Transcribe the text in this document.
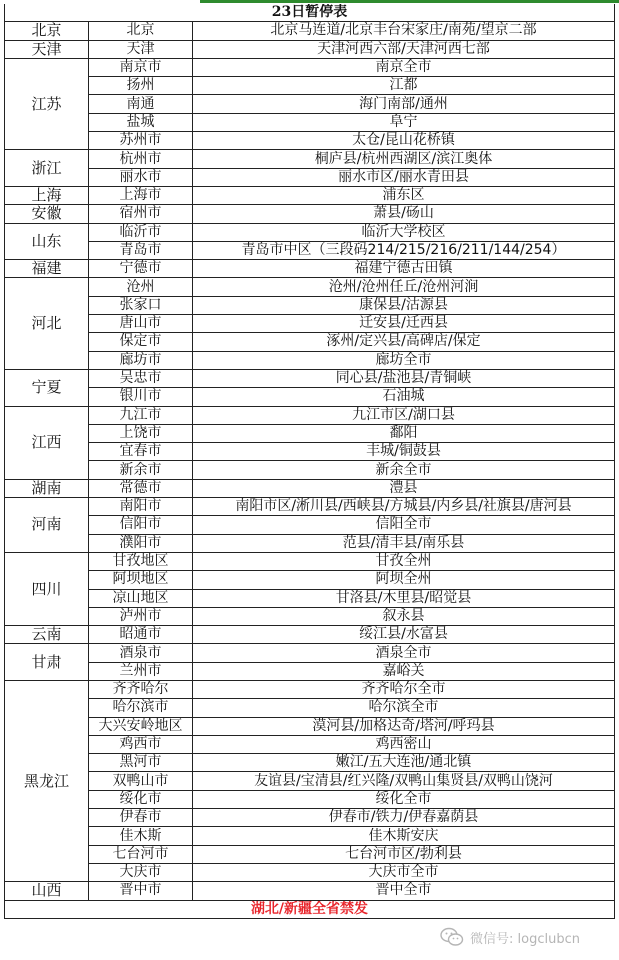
23日暂停表		
北京	北京	北京马连道/北京丰台宋家庄/南苑/望京二部
天津	天津	天津河西六部/天津河西七部
江苏	南京市	南京全市
	扬州	江都
	南通	海门南部/通州
	盐城	阜宁
	苏州市	太仓/昆山花桥镇
浙江	杭州市	桐庐县/杭州西湖区/滨江奥体
	丽水市	丽水市区/丽水青田县
上海	上海市	浦东区
安徽	宿州市	萧县/砀山
山东	临沂市	临沂大学校区
	青岛市	青岛市中区（三段码214/215/216/211/144/254）
福建	宁德市	福建宁德古田镇
河北	沧州	沧州/沧州任丘/沧州河涧
	张家口	康保县/沽源县
	唐山市	迁安县/迁西县
	保定市	涿州/定兴县/高碑店/保定
	廊坊市	廊坊全市
宁夏	吴忠市	同心县/盐池县/青铜峡
	银川市	石油城
江西	九江市	九江市区/湖口县
	上饶市	鄱阳
	宜春市	丰城/铜鼓县
	新余市	新余全市
湖南	常德市	澧县
河南	南阳市	南阳市区/淅川县/西峡县/方城县/内乡县/社旗县/唐河县
	信阳市	信阳全市
	濮阳市	范县/清丰县/南乐县
四川	甘孜地区	甘孜全州
	阿坝地区	阿坝全州
	凉山地区	甘洛县/木里县/昭觉县
	泸州市	叙永县
云南	昭通市	绥江县/水富县
甘肃	酒泉市	酒泉全市
	兰州市	嘉峪关
黑龙江	齐齐哈尔	齐齐哈尔全市
	哈尔滨市	哈尔滨全市
	大兴安岭地区	漠河县/加格达奇/塔河/呼玛县
	鸡西市	鸡西密山
	黑河市	嫩江/五大连池/通北镇
	双鸭山市	友谊县/宝清县/红兴隆/双鸭山集贤县/双鸭山饶河
	绥化市	绥化全市
	伊春市	伊春市/铁力/伊春嘉荫县
	佳木斯	佳木斯安庆
	七台河市	七台河市区/勃利县
	大庆市	大庆市全市
山西	晋中市	晋中全市
湖北/新疆全省禁发		
微信号: logclubcn
